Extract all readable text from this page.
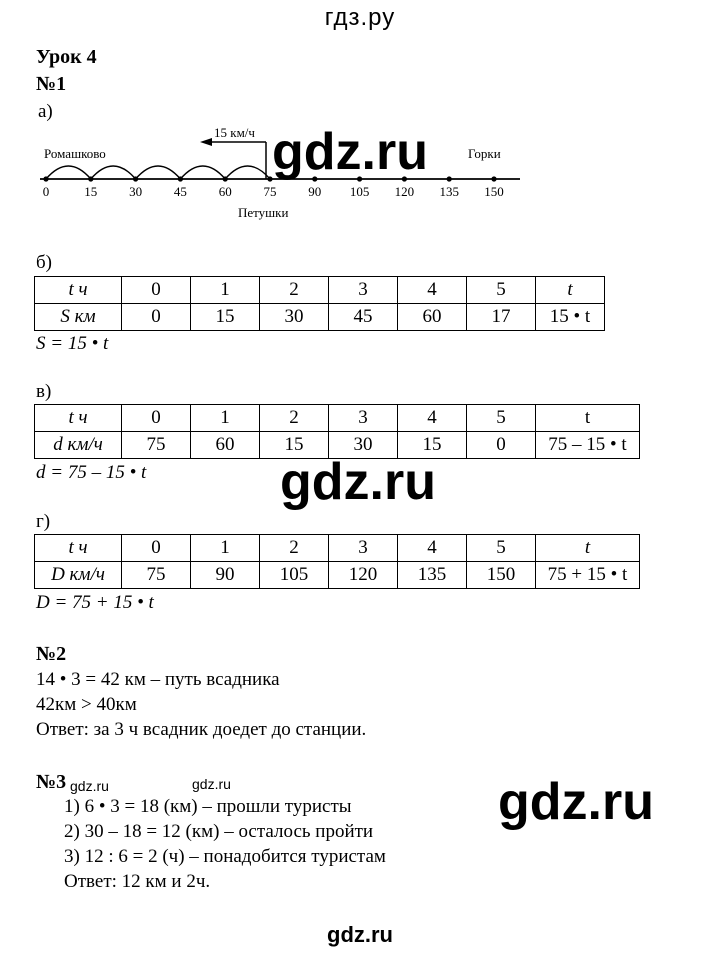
гдз.ру
Урок 4
№1
а)
0	15 30 45 60 75 90 105 120 135 150
15 км/ч
Ромашково	Горки
Петушки
б)
t ч	0	1	2	3	4	5	t
S км	0	15	30	45	60	17	15 • t
S = 15 • t
в)
t ч	0	1	2	3	4	5	t
d км/ч	75	60	15	30	15	0	75 – 15 • t
d = 75 – 15 • t
г)
t ч	0	1	2	3	4	5	t
D км/ч	75	90	105	120	135	150	75 + 15 • t
D = 75 + 15 • t
№2
14 • 3 = 42 км – путь всадника
42км > 40км
Ответ: за 3 ч всадник доедет до станции.
№3
1) 6 • 3 = 18 (км) – прошли туристы
2) 30 – 18 = 12 (км) – осталось пройти
3) 12 : 6 = 2 (ч) – понадобится туристам
Ответ: 12 км и 2ч.
gdz.ru
gdz.ru
gdz.ru
gdz.ru	gdz.ru
gdz.ru
